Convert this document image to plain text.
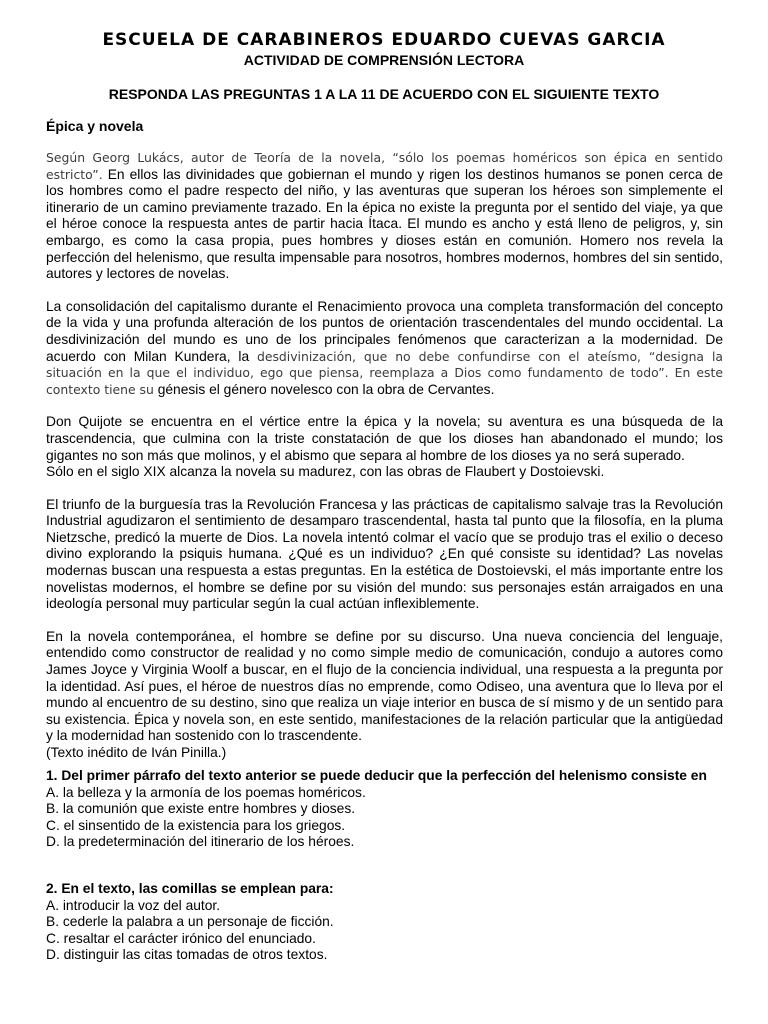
ESCUELA DE CARABINEROS EDUARDO CUEVAS GARCIA
ACTIVIDAD DE COMPRENSIÓN LECTORA
RESPONDA LAS PREGUNTAS 1 A LA 11 DE ACUERDO CON EL SIGUIENTE TEXTO
Épica y novela

Según Georg Lukács, autor de Teoría de la novela, “sólo los poemas homéricos son épica en sentido estricto”. En ellos las divinidades que gobiernan el mundo y rigen los destinos humanos se ponen cerca de los hombres como el padre respecto del niño, y las aventuras que superan los héroes son simplemente el itinerario de un camino previamente trazado. En la épica no existe la pregunta por el sentido del viaje, ya que el héroe conoce la respuesta antes de partir hacia Ítaca. El mundo es ancho y está lleno de peligros, y, sin embargo, es como la casa propia, pues hombres y dioses están en comunión. Homero nos revela la perfección del helenismo, que resulta impensable para nosotros, hombres modernos, hombres del sin sentido, autores y lectores de novelas.

La consolidación del capitalismo durante el Renacimiento provoca una completa transformación del concepto de la vida y una profunda alteración de los puntos de orientación trascendentales del mundo occidental. La desdivinización del mundo es uno de los principales fenómenos que caracterizan a la modernidad. De acuerdo con Milan Kundera, la desdivinización, que no debe confundirse con el ateísmo, “designa la situación en la que el individuo, ego que piensa, reemplaza a Dios como fundamento de todo”. En este contexto tiene su génesis el género novelesco con la obra de Cervantes.

Don Quijote se encuentra en el vértice entre la épica y la novela; su aventura es una búsqueda de la trascendencia, que culmina con la triste constatación de que los dioses han abandonado el mundo; los gigantes no son más que molinos, y el abismo que separa al hombre de los dioses ya no será superado.
Sólo en el siglo XIX alcanza la novela su madurez, con las obras de Flaubert y Dostoievski.

El triunfo de la burguesía tras la Revolución Francesa y las prácticas de capitalismo salvaje tras la Revolución Industrial agudizaron el sentimiento de desamparo trascendental, hasta tal punto que la filosofía, en la pluma Nietzsche, predicó la muerte de Dios. La novela intentó colmar el vacío que se produjo tras el exilio o deceso divino explorando la psiquis humana. ¿Qué es un individuo? ¿En qué consiste su identidad? Las novelas modernas buscan una respuesta a estas preguntas. En la estética de Dostoievski, el más importante entre los novelistas modernos, el hombre se define por su visión del mundo: sus personajes están arraigados en una ideología personal muy particular según la cual actúan inflexiblemente.

En la novela contemporánea, el hombre se define por su discurso. Una nueva conciencia del lenguaje, entendido como constructor de realidad y no como simple medio de comunicación, condujo a autores como James Joyce y Virginia Woolf a buscar, en el flujo de la conciencia individual, una respuesta a la pregunta por la identidad. Así pues, el héroe de nuestros días no emprende, como Odiseo, una aventura que lo lleva por el mundo al encuentro de su destino, sino que realiza un viaje interior en busca de sí mismo y de un sentido para su existencia. Épica y novela son, en este sentido, manifestaciones de la relación particular que la antigüedad y la modernidad han sostenido con lo trascendente.
(Texto inédito de Iván Pinilla.)

1. Del primer párrafo del texto anterior se puede deducir que la perfección del helenismo consiste en
A. la belleza y la armonía de los poemas homéricos.
B. la comunión que existe entre hombres y dioses.
C. el sinsentido de la existencia para los griegos.
D. la predeterminación del itinerario de los héroes.
2. En el texto, las comillas se emplean para:
A. introducir la voz del autor.
B. cederle la palabra a un personaje de ficción.
C. resaltar el carácter irónico del enunciado.
D. distinguir las citas tomadas de otros textos.
